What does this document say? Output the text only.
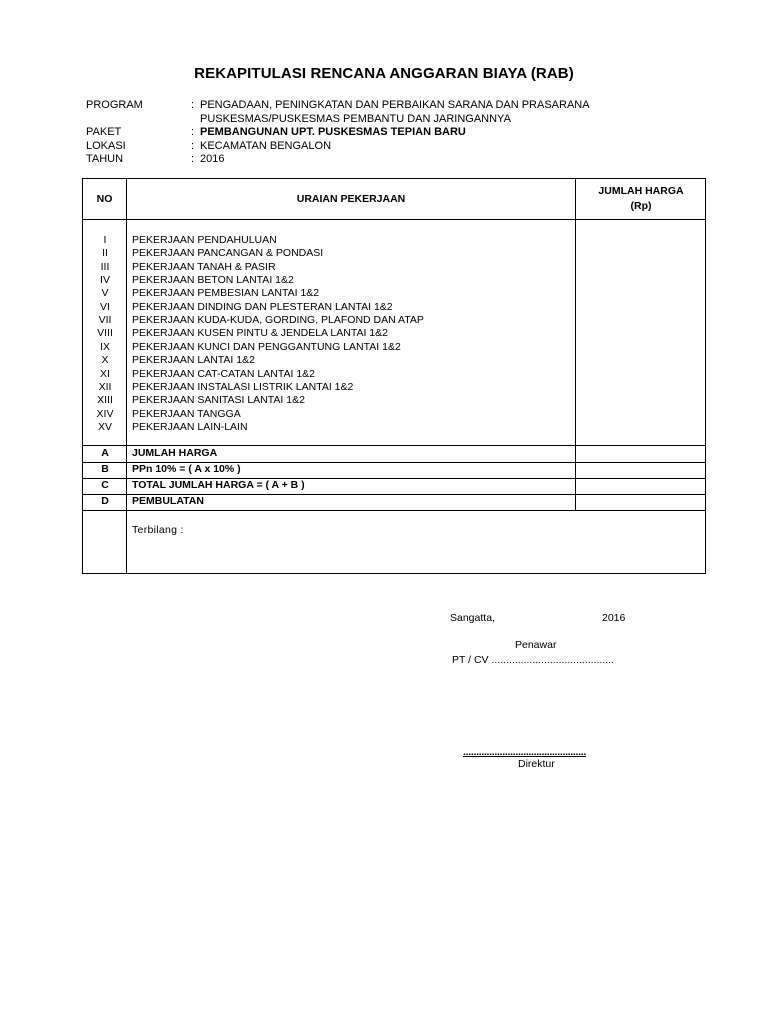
REKAPITULASI RENCANA ANGGARAN BIAYA (RAB)
PROGRAM	: PENGADAAN, PENINGKATAN DAN PERBAIKAN SARANA DAN PRASARANA
PUSKESMAS/PUSKESMAS PEMBANTU DAN JARINGANNYA
PAKET	: PEMBANGUNAN UPT. PUSKESMAS TEPIAN BARU
LOKASI	: KECAMATAN BENGALON
TAHUN	: 2016
NO	URAIAN PEKERJAAN
JUMLAH HARGA
(Rp)
I	PEKERJAAN PENDAHULUAN
II	PEKERJAAN PANCANGAN & PONDASI
III	PEKERJAAN TANAH & PASIR
IV	PEKERJAAN BETON LANTAI 1&2
V	PEKERJAAN PEMBESIAN LANTAI 1&2
VI	PEKERJAAN DINDING DAN PLESTERAN LANTAI 1&2
VII	PEKERJAAN KUDA-KUDA, GORDING, PLAFOND DAN ATAP
VIII	PEKERJAAN KUSEN PINTU & JENDELA LANTAI 1&2
IX	PEKERJAAN KUNCI DAN PENGGANTUNG LANTAI 1&2
X	PEKERJAAN LANTAI 1&2
XI	PEKERJAAN CAT-CATAN LANTAI 1&2
XII	PEKERJAAN INSTALASI LISTRIK LANTAI 1&2
XIII	PEKERJAAN SANITASI LANTAI 1&2
XIV	PEKERJAAN TANGGA
XV	PEKERJAAN LAIN-LAIN
A	JUMLAH HARGA
B	PPn 10% = ( A x 10% )
C	TOTAL JUMLAH HARGA = ( A + B )
D	PEMBULATAN
Terbilang :
Sangatta,	2016
Penawar
PT / CV ..........................................
...............................................
Direktur
